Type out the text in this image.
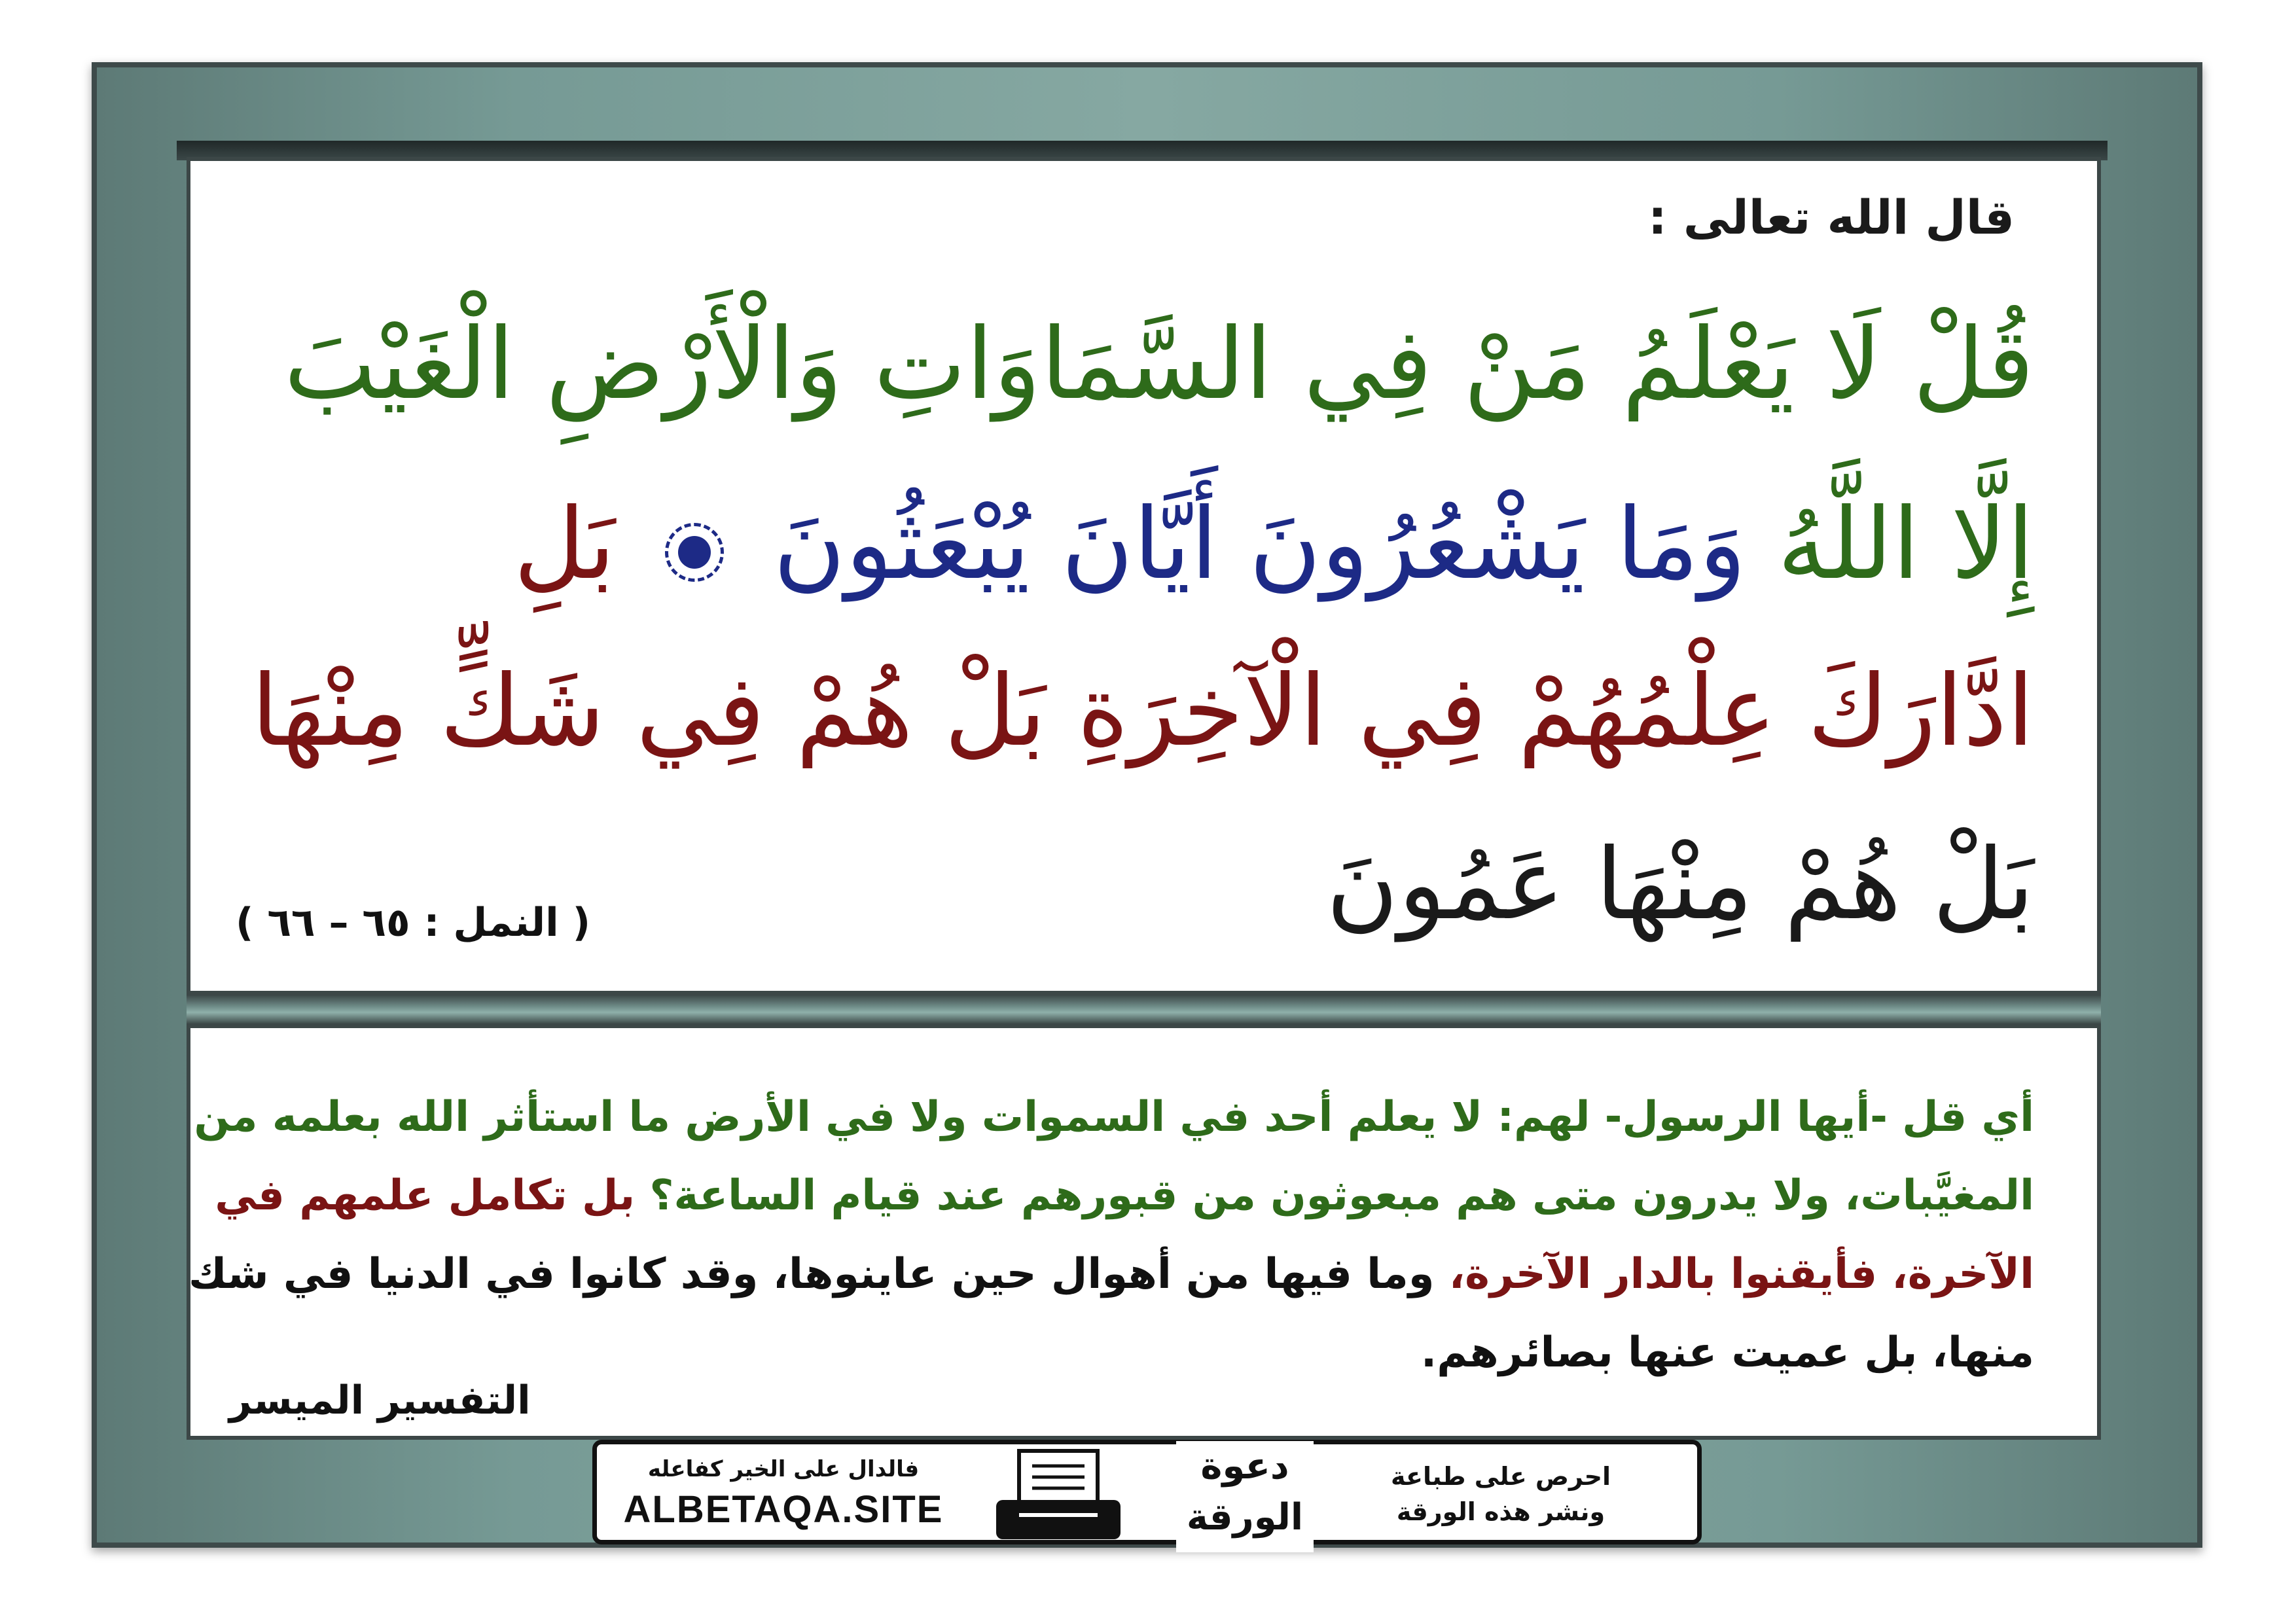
قال الله تعالى :
قُلْ لَا يَعْلَمُ مَنْ فِي السَّمَاوَاتِ وَالْأَرْضِ الْغَيْبَ
إِلَّا اللَّهُ وَمَا يَشْعُرُونَ أَيَّانَ يُبْعَثُونَ  بَلِ
ادَّارَكَ عِلْمُهُمْ فِي الْآخِرَةِ بَلْ هُمْ فِي شَكٍّ مِنْهَا
بَلْ هُمْ مِنْهَا عَمُونَ
( النمل : ٦٥ – ٦٦ )
أي قل -أيها الرسول- لهم: لا يعلم أحد في السموات ولا في الأرض ما استأثر الله بعلمه من
المغيَّبات، ولا يدرون متى هم مبعوثون من قبورهم عند قيام الساعة؟ بل تكامل علمهم في
الآخرة، فأيقنوا بالدار الآخرة، وما فيها من أهوال حين عاينوها، وقد كانوا في الدنيا في شك
منها، بل عميت عنها بصائرهم.
التفسير الميسر
فالدال على الخير كفاعله
ALBETAQA.SITE
دعوة
الورقة
احرص على طباعة
ونشر هذه الورقة
